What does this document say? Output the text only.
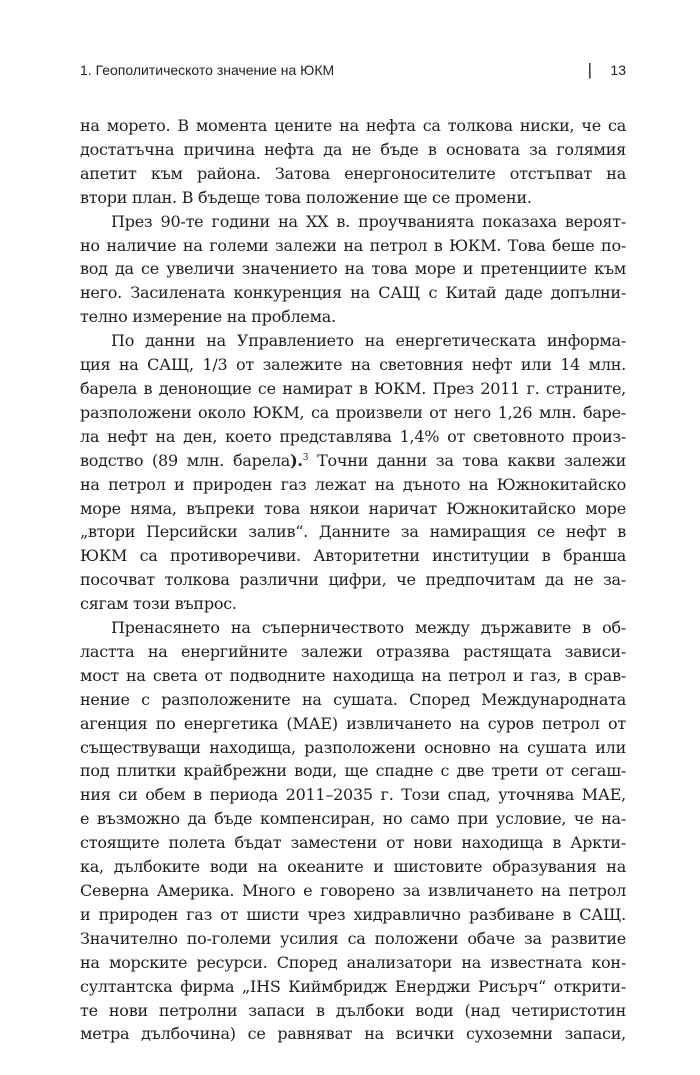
1. Геополитическото значение на ЮКМ	| 13
на морето. В момента цените на нефта са толкова ниски, че са
достатъчна причина нефта да не бъде в основата за голямия
апетит към района. Затова енергоносителите отстъпват на
втори план. В бъдеще това положение ще се промени.
През 90-те години на XX в. проучванията показаха вероят-
но наличие на големи залежи на петрол в ЮКМ. Това беше по-
вод да се увеличи значението на това море и претенциите към
него. Засилената конкуренция на САЩ с Китай даде допълни-
телно измерение на проблема.
По данни на Управлението на енергетическата информа-
ция на САЩ, 1/3 от залежите на световния нефт или 14 млн.
барела в денонощие се намират в ЮКМ. През 2011 г. страните,
разположени около ЮКМ, са произвели от него 1,26 млн. баре-
ла нефт на ден, което представлява 1,4% от световното произ-
водство (89 млн. барела).$^3$ Точни данни за това какви залежи
на петрол и природен газ лежат на дъното на Южнокитайско
море няма, въпреки това някои наричат Южнокитайско море
„втори Персийски залив“. Данните за намиращия се нефт в
ЮКМ са противоречиви. Авторитетни институции в бранша
посочват толкова различни цифри, че предпочитам да не за-
сягам този въпрос.
Пренасянето на съперничеството между държавите в об-
ластта на енергийните залежи отразява растящата зависи-
мост на света от подводните находища на петрол и газ, в срав-
нение с разположените на сушата. Според Международната
агенция по енергетика (МАЕ) извличането на суров петрол от
съществуващи находища, разположени основно на сушата или
под плитки крайбрежни води, ще спадне с две трети от сегаш-
ния си обем в периода 2011–2035 г. Този спад, уточнява МАЕ,
е възможно да бъде компенсиран, но само при условие, че на-
стоящите полета бъдат заместени от нови находища в Аркти-
ка, дълбоките води на океаните и шистовите образувания на
Северна Америка. Много е говорено за извличането на петрол
и природен газ от шисти чрез хидравлично разбиване в САЩ.
Значително по-големи усилия са положени обаче за развитие
на морските ресурси. Според анализатори на известната кон-
султантска фирма „IHS Киймбридж Енерджи Рисърч“ открити-
те нови петролни запаси в дълбоки води (над четиристотин
метра дълбочина) се равняват на всички сухоземни запаси,
